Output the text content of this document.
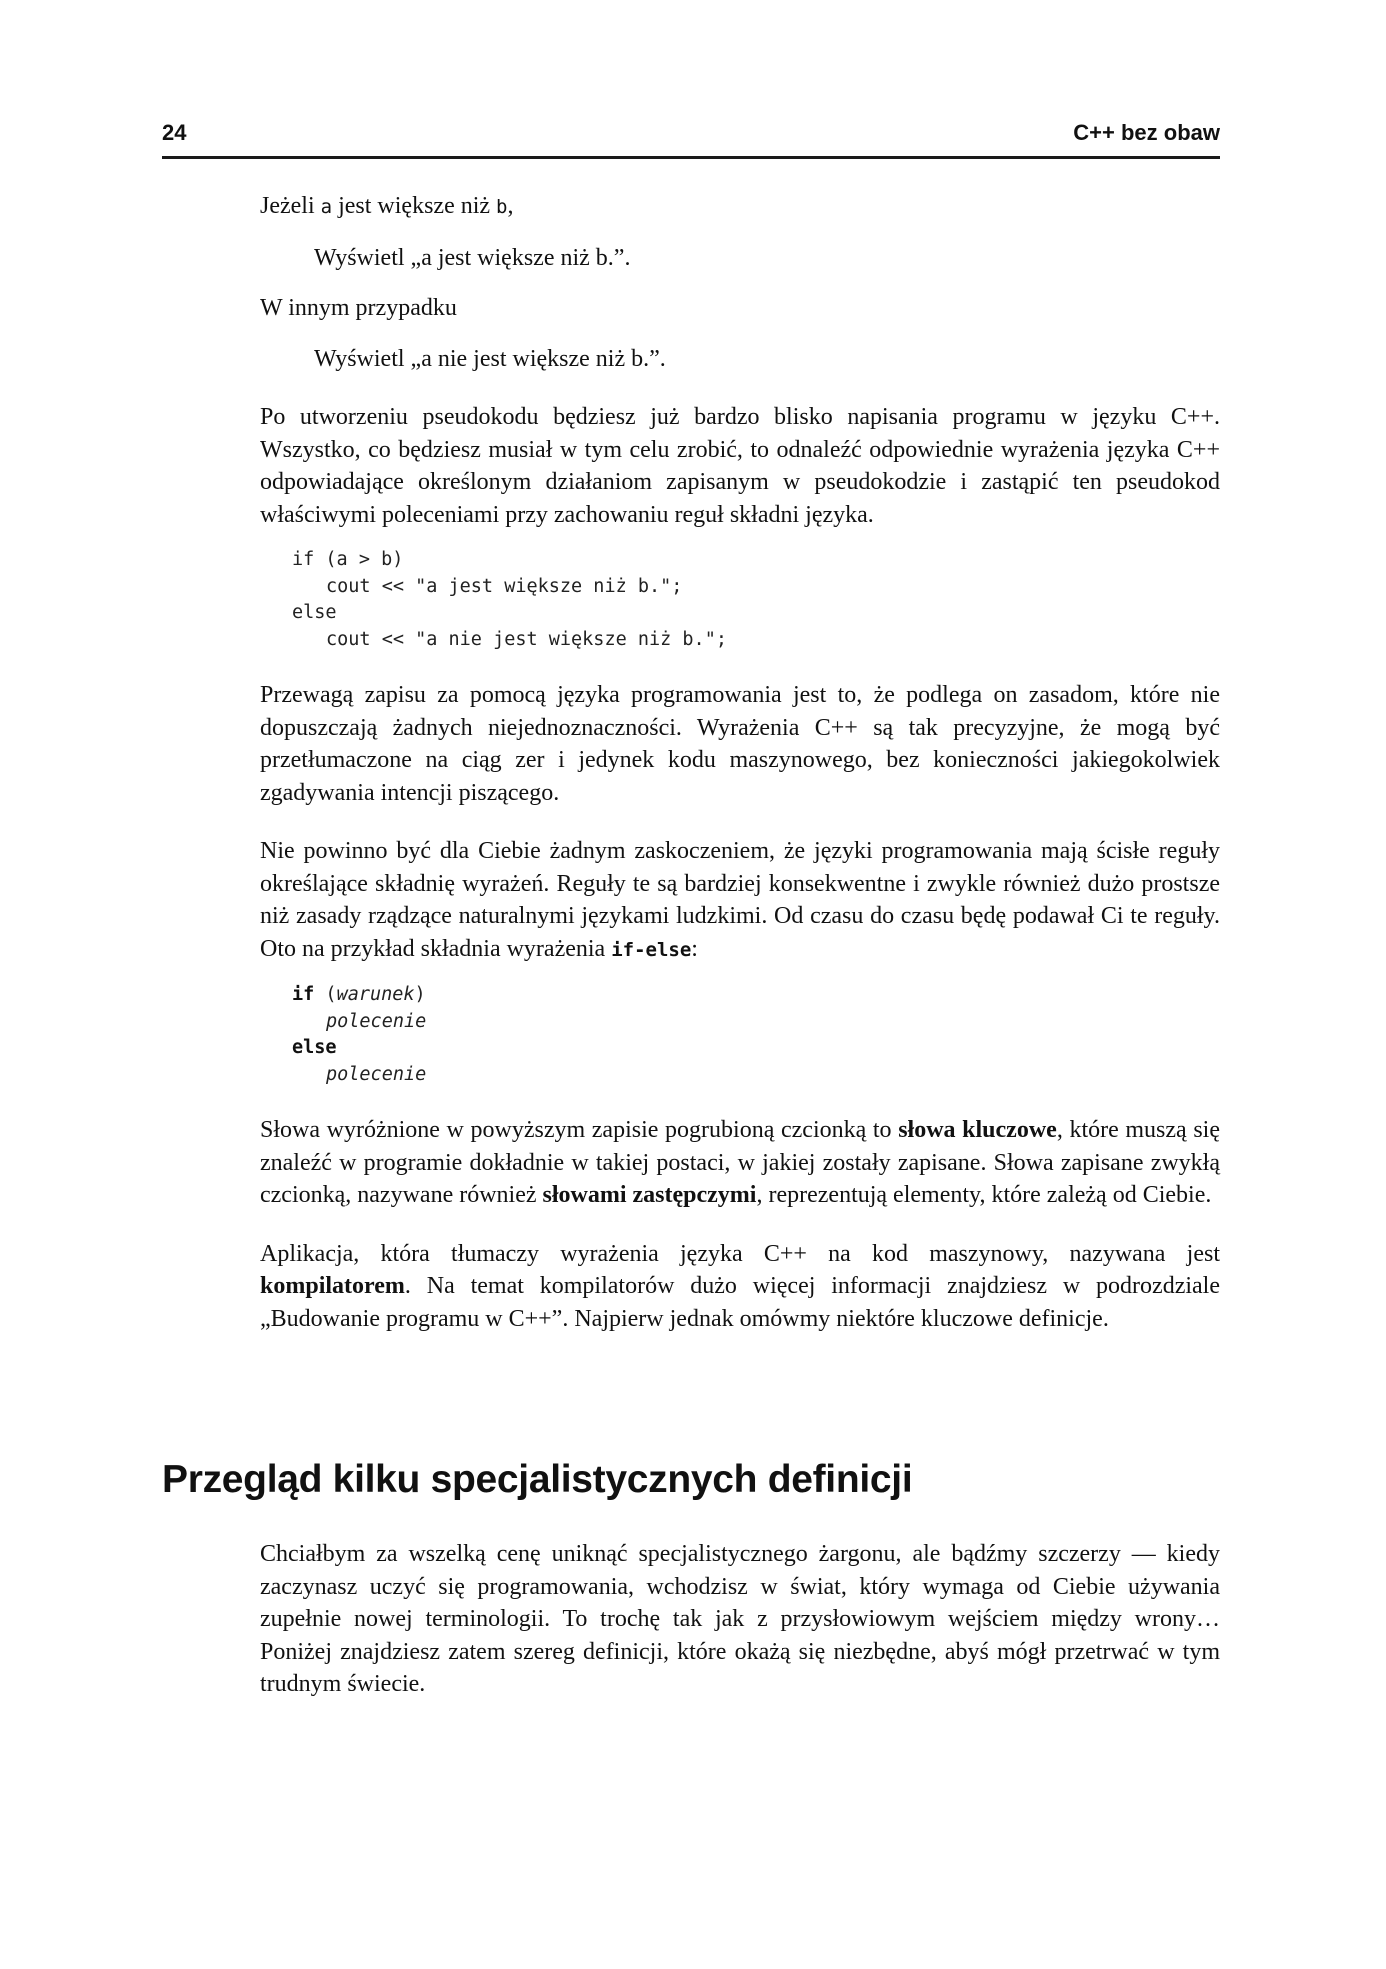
24	C++ bez obaw
Jeżeli a jest większe niż b,
Wyświetl „a jest większe niż b.”.
W innym przypadku
Wyświetl „a nie jest większe niż b.”.

Po utworzeniu pseudokodu będziesz już bardzo blisko napisania programu w języku C++. Wszystko, co będziesz musiał w tym celu zrobić, to odnaleźć odpowiednie wyrażenia języka C++ odpowiadające określonym działaniom zapisanym w pseudokodzie i zastąpić ten pseudokod właściwymi poleceniami przy zachowaniu reguł składni języka.

if (a > b)
cout << "a jest większe niż b.";
else
cout << "a nie jest większe niż b.";

Przewagą zapisu za pomocą języka programowania jest to, że podlega on zasadom, które nie dopuszczają żadnych niejednoznaczności. Wyrażenia C++ są tak precyzyjne, że mogą być przetłumaczone na ciąg zer i jedynek kodu maszynowego, bez konieczności jakiegokolwiek zgadywania intencji piszącego.

Nie powinno być dla Ciebie żadnym zaskoczeniem, że języki programowania mają ścisłe reguły określające składnię wyrażeń. Reguły te są bardziej konsekwentne i zwykle również dużo prostsze niż zasady rządzące naturalnymi językami ludzkimi. Od czasu do czasu będę podawał Ci te reguły. Oto na przykład składnia wyrażenia if-else:

if (warunek)
polecenie
else
polecenie

Słowa wyróżnione w powyższym zapisie pogrubioną czcionką to słowa kluczowe, które muszą się znaleźć w programie dokładnie w takiej postaci, w jakiej zostały zapisane. Słowa zapisane zwykłą czcionką, nazywane również słowami zastępczymi, reprezentują elementy, które zależą od Ciebie.

Aplikacja, która tłumaczy wyrażenia języka C++ na kod maszynowy, nazywana jest kompilatorem. Na temat kompilatorów dużo więcej informacji znajdziesz w podrozdziale „Budowanie programu w C++”. Najpierw jednak omówmy niektóre kluczowe definicje.

Przegląd kilku specjalistycznych definicji

Chciałbym za wszelką cenę uniknąć specjalistycznego żargonu, ale bądźmy szczerzy — kiedy zaczynasz uczyć się programowania, wchodzisz w świat, który wymaga od Ciebie używania zupełnie nowej terminologii. To trochę tak jak z przysłowiowym wejściem między wrony… Poniżej znajdziesz zatem szereg definicji, które okażą się niezbędne, abyś mógł przetrwać w tym trudnym świecie.
